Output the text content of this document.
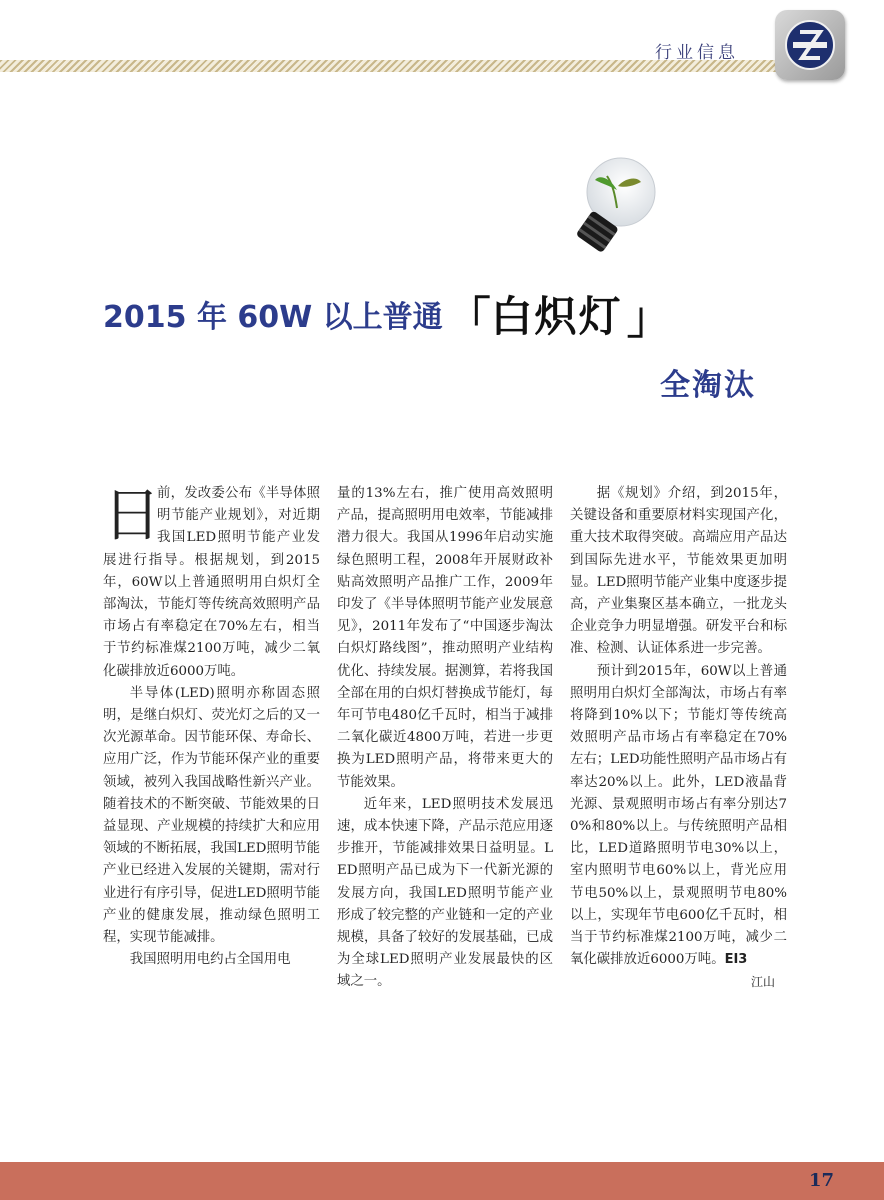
行业信息
2015 年 60W 以上普通「白炽灯」
全淘汰
日

前，发改委公布《半导体照明节能产业规划》，对近期我国LED照明节能产业发展进行指导。根据规划，到2015年，60W以上普通照明用白炽灯全部淘汰，节能灯等传统高效照明产品市场占有率稳定在70%左右，相当于节约标准煤2100万吨，减少二氧化碳排放近6000万吨。

半导体(LED)照明亦称固态照明，是继白炽灯、荧光灯之后的又一次光源革命。因节能环保、寿命长、应用广泛，作为节能环保产业的重要领域，被列入我国战略性新兴产业。随着技术的不断突破、节能效果的日益显现、产业规模的持续扩大和应用领域的不断拓展，我国LED照明节能产业已经进入发展的关键期，需对行业进行有序引导，促进LED照明节能产业的健康发展，推动绿色照明工程，实现节能减排。

我国照明用电约占全国用电

量的13%左右，推广使用高效照明产品，提高照明用电效率，节能减排潜力很大。我国从1996年启动实施绿色照明工程，2008年开展财政补贴高效照明产品推广工作，2009年印发了《半导体照明节能产业发展意见》，2011年发布了“中国逐步淘汰白炽灯路线图”，推动照明产业结构优化、持续发展。据测算，若将我国全部在用的白炽灯替换成节能灯，每年可节电480亿千瓦时，相当于减排二氧化碳近4800万吨，若进一步更换为LED照明产品，将带来更大的节能效果。

近年来，LED照明技术发展迅速，成本快速下降，产品示范应用逐步推开，节能减排效果日益明显。LED照明产品已成为下一代新光源的发展方向，我国LED照明节能产业形成了较完整的产业链和一定的产业规模，具备了较好的发展基础，已成为全球LED照明产业发展最快的区域之一。

据《规划》介绍，到2015年，关键设备和重要原材料实现国产化，重大技术取得突破。高端应用产品达到国际先进水平，节能效果更加明显。LED照明节能产业集中度逐步提高，产业集聚区基本确立，一批龙头企业竞争力明显增强。研发平台和标准、检测、认证体系进一步完善。

预计到2015年，60W以上普通照明用白炽灯全部淘汰，市场占有率将降到10%以下；节能灯等传统高效照明产品市场占有率稳定在70%左右；LED功能性照明产品市场占有率达20%以上。此外，LED液晶背光源、景观照明市场占有率分别达70%和80%以上。与传统照明产品相比，LED道路照明节电30%以上，室内照明节电60%以上，背光应用节电50%以上，景观照明节电80%以上，实现年节电600亿千瓦时，相当于节约标准煤2100万吨，减少二氧化碳排放近6000万吨。EI3
江山

17
